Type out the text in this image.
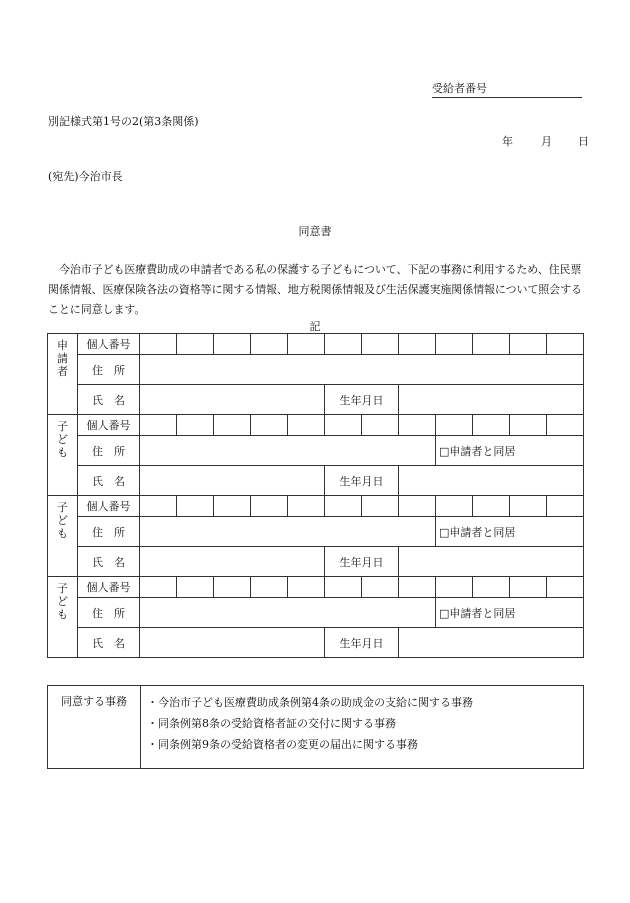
受給者番号
別記様式第1号の2(第3条関係)
年	月 日
(宛先)今治市長
同意書
今治市子ども医療費助成の申請者である私の保護する子どもについて、下記の事務に利用するため、住民票関係情報、医療保険各法の資格等に関する情報、地方税関係情報及び生活保護実施関係情報について照会することに同意します。
記
申
請
者	個人番号												
	住　所												
	氏　名						生年月日						

子
ど
も	個人番号												
	住　所									□申請者と同居			
	氏　名						生年月日						

子
ど
も	個人番号												
	住　所									□申請者と同居			
	氏　名						生年月日						

子
ど
も	個人番号												
	住　所									□申請者と同居			
	氏　名						生年月日						
同意する事務	・今治市子ども医療費助成条例第4条の助成金の支給に関する事務
・同条例第8条の受給資格者証の交付に関する事務
・同条例第9条の受給資格者の変更の届出に関する事務
